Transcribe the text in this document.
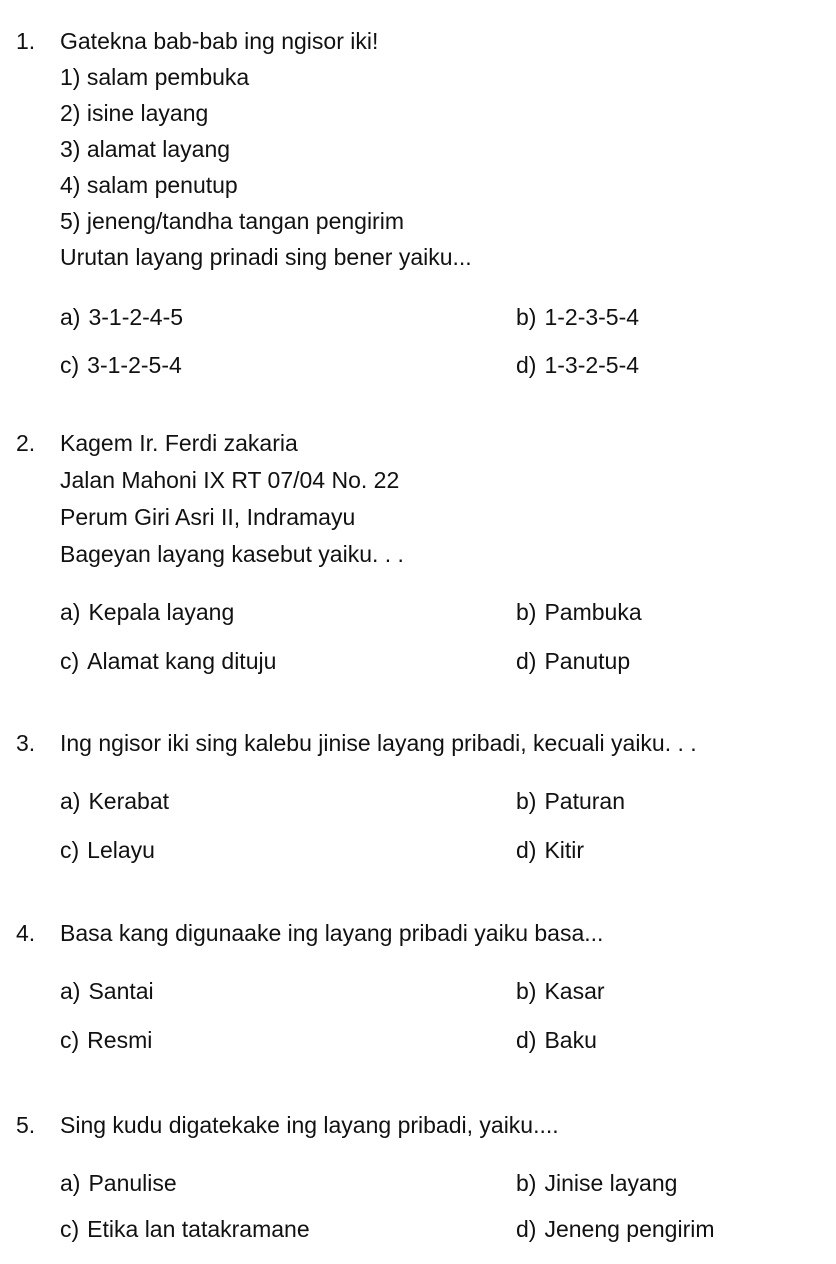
1. Gatekna bab-bab ing ngisor iki!
1) salam pembuka
2) isine layang
3) alamat layang
4) salam penutup
5) jeneng/tandha tangan pengirim
Urutan layang prinadi sing bener yaiku...
a) 3-1-2-4-5	b) 1-2-3-5-4
c) 3-1-2-5-4	d) 1-3-2-5-4
2. Kagem Ir. Ferdi zakaria
Jalan Mahoni IX RT 07/04 No. 22
Perum Giri Asri II, Indramayu
Bageyan layang kasebut yaiku. . .
a) Kepala layang	b) Pambuka
c) Alamat kang dituju	d) Panutup
3. Ing ngisor iki sing kalebu jinise layang pribadi, kecuali yaiku. . .
a) Kerabat	b) Paturan
c) Lelayu	d) Kitir
4. Basa kang digunaake ing layang pribadi yaiku basa...
a) Santai	b) Kasar
c) Resmi	d) Baku
5. Sing kudu digatekake ing layang pribadi, yaiku....
a) Panulise	b) Jinise layang
c) Etika lan tatakramane	d) Jeneng pengirim
